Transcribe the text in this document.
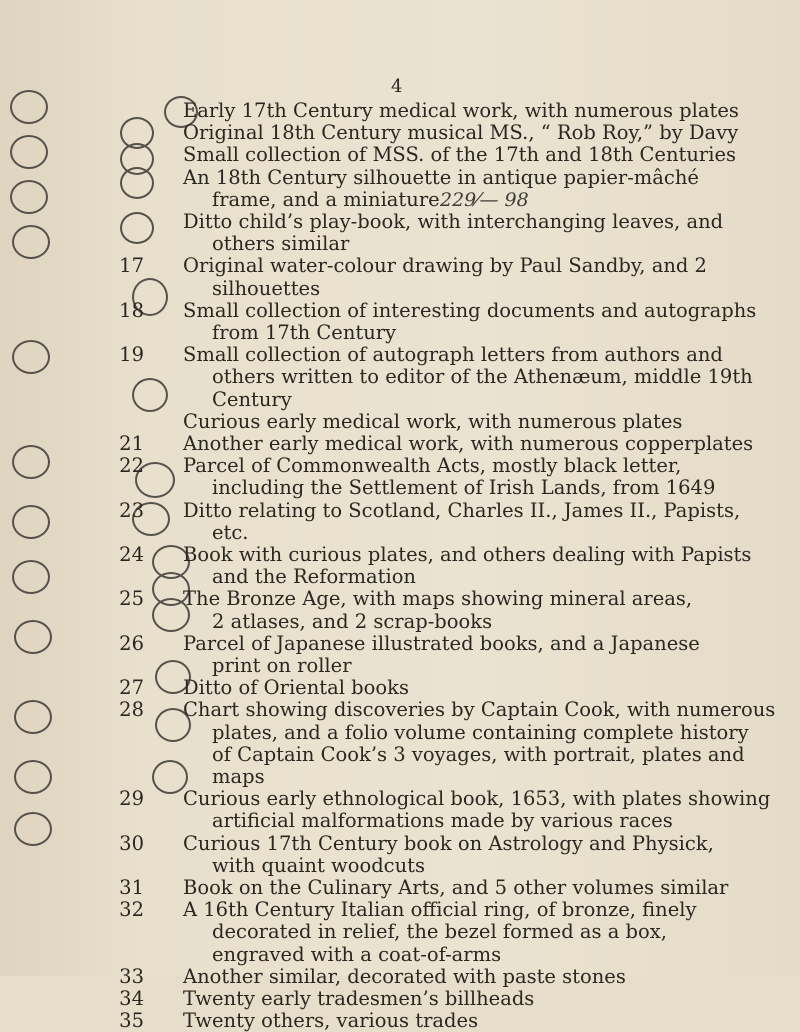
4
Early 17th Century medical work, with numerous plates
Original 18th Century musical MS., “ Rob Roy,” by Davy
Small collection of MSS. of the 17th and 18th Centuries
An 18th Century silhouette in antique papier-mâché
frame, and a miniature 229⁄— 98
Ditto child’s play-book, with interchanging leaves, and
others similar
17 Original water-colour drawing by Paul Sandby, and 2
silhouettes
18 Small collection of interesting documents and autographs
from 17th Century
19 Small collection of autograph letters from authors and
others written to editor of the Athenæum, middle 19th
Century
Curious early medical work, with numerous plates
21 Another early medical work, with numerous copperplates
22 Parcel of Commonwealth Acts, mostly black letter,
including the Settlement of Irish Lands, from 1649
23 Ditto relating to Scotland, Charles II., James II., Papists,
etc.
24 Book with curious plates, and others dealing with Papists
and the Reformation
25 The Bronze Age, with maps showing mineral areas,
2 atlases, and 2 scrap-books
26 Parcel of Japanese illustrated books, and a Japanese
print on roller
27 Ditto of Oriental books
28 Chart showing discoveries by Captain Cook, with numerous
plates, and a folio volume containing complete history
of Captain Cook’s 3 voyages, with portrait, plates and
maps
29 Curious early ethnological book, 1653, with plates showing
artificial malformations made by various races
30 Curious 17th Century book on Astrology and Physick,
with quaint woodcuts
31 Book on the Culinary Arts, and 5 other volumes similar
32 A 16th Century Italian official ring, of bronze, finely
decorated in relief, the bezel formed as a box,
engraved with a coat-of-arms
33 Another similar, decorated with paste stones
34 Twenty early tradesmen’s billheads
35 Twenty others, various trades
